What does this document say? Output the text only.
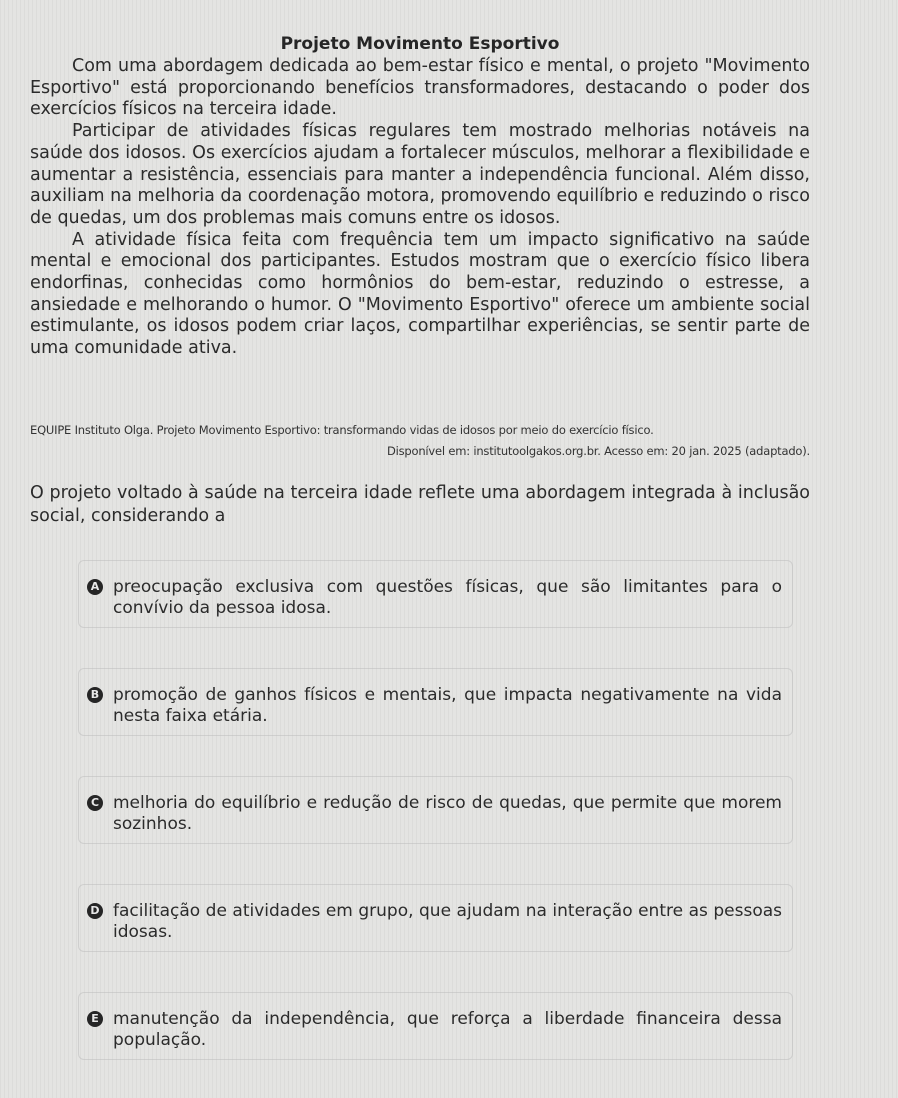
Projeto Movimento Esportivo

Com uma abordagem dedicada ao bem-estar físico e mental, o projeto "Movimento Esportivo" está proporcionando benefícios transformadores, destacando o poder dos exercícios físicos na terceira idade.

Participar de atividades físicas regulares tem mostrado melhorias notáveis na saúde dos idosos. Os exercícios ajudam a fortalecer músculos, melhorar a flexibilidade e aumentar a resistência, essenciais para manter a independência funcional. Além disso, auxiliam na melhoria da coordenação motora, promovendo equilíbrio e reduzindo o risco de quedas, um dos problemas mais comuns entre os idosos.

A atividade física feita com frequência tem um impacto significativo na saúde mental e emocional dos participantes. Estudos mostram que o exercício físico libera endorfinas, conhecidas como hormônios do bem-estar, reduzindo o estresse, a ansiedade e melhorando o humor. O "Movimento Esportivo" oferece um ambiente social estimulante, os idosos podem criar laços, compartilhar experiências, se sentir parte de uma comunidade ativa.

EQUIPE Instituto Olga. Projeto Movimento Esportivo: transformando vidas de idosos por meio do exercício físico.
Disponível em: institutoolgakos.org.br. Acesso em: 20 jan. 2025 (adaptado).

O projeto voltado à saúde na terceira idade reflete uma abordagem integrada à inclusão social, considerando a

A preocupação exclusiva com questões físicas, que são limitantes para o convívio da pessoa idosa.
B promoção de ganhos físicos e mentais, que impacta negativamente na vida nesta faixa etária.
C melhoria do equilíbrio e redução de risco de quedas, que permite que morem sozinhos.
D facilitação de atividades em grupo, que ajudam na interação entre as pessoas idosas.
E manutenção da independência, que reforça a liberdade financeira dessa população.
